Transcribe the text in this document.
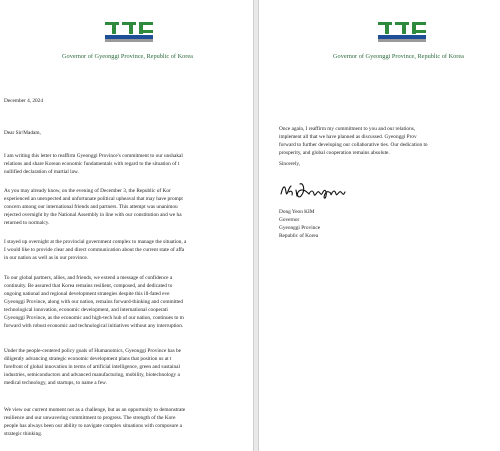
Governor of Gyeonggi Province, Republic of Korea
December 4, 2024
Dear Sir/Madam,
I am writing this letter to reaffirm Gyeonggi Province's commitment to our unshakal
relations and share Korean economic fundamentals with regard to the situation of t
nullified declaration of martial law.
As you may already know, on the evening of December 3, the Republic of Kor
experienced an unexpected and unfortunate political upheaval that may have prompt
concern among our international friends and partners. This attempt was unanimou
rejected overnight by the National Assembly in line with our constitution and we ha
returned to normalcy.
I stayed up overnight at the provincial government complex to manage the situation, a
I would like to provide clear and direct communication about the current state of affa
in our nation as well as in our province.
To our global partners, allies, and friends, we extend a message of confidence a
continuity. Be assured that Korea remains resilient, composed, and dedicated to
ongoing national and regional development strategies despite this ill-fated eve
Gyeonggi Province, along with our nation, remains forward-thinking and committed
technological innovation, economic development, and international cooperati
Gyeonggi Province, as the economic and high-tech hub of our nation, continues to m
forward with robust economic and technological initiatives without any interruption.
Under the people-centered policy goals of Humanomics, Gyeonggi Province has be
diligently advancing strategic economic development plans that position us at t
forefront of global innovation in terms of artificial intelligence, green and sustainal
industries, semiconductors and advanced manufacturing, mobility, biotechnology a
medical technology, and startups, to name a few.
We view our current moment not as a challenge, but as an opportunity to demonstrate
resilience and our unwavering commitment to progress. The strength of the Kore
people has always been our ability to navigate complex situations with composure a
strategic thinking.
Governor of Gyeonggi Province, Republic of Korea
Once again, I reaffirm my commitment to you and our relations,
implement all that we have planned as discussed. Gyeonggi Prov
forward to further developing our collaborative ties. Our dedication to
prosperity, and global cooperation remains absolute.
Sincerely,
Dong Yeon KIM
Governor
Gyeonggi Province
Republic of Korea
